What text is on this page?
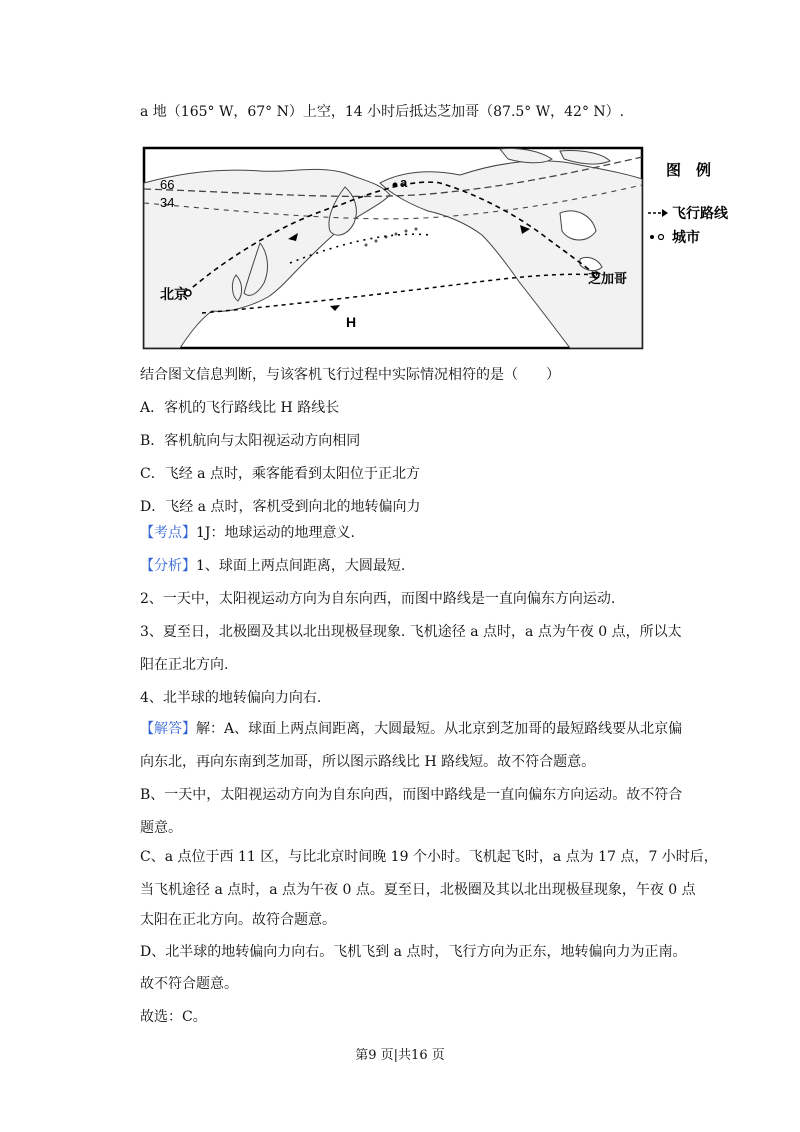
a 地（165° W，67° N）上空，14 小时后抵达芝加哥（87.5° W，42° N）.
66
34
a
北京
芝加哥
H
图　例
飞行路线
城市
结合图文信息判断，与该客机飞行过程中实际情况相符的是（　　）
A．客机的飞行路线比 H 路线长
B．客机航向与太阳视运动方向相同
C．飞经 a 点时，乘客能看到太阳位于正北方
D．飞经 a 点时，客机受到向北的地转偏向力
【考点】1J：地球运动的地理意义.
【分析】1、球面上两点间距离，大圆最短.
2、一天中，太阳视运动方向为自东向西，而图中路线是一直向偏东方向运动.
3、夏至日，北极圈及其以北出现极昼现象. 飞机途径 a 点时，a 点为午夜 0 点，所以太
阳在正北方向.
4、北半球的地转偏向力向右.
【解答】解：A、球面上两点间距离，大圆最短。从北京到芝加哥的最短路线要从北京偏
向东北，再向东南到芝加哥，所以图示路线比 H 路线短。故不符合题意。
B、一天中，太阳视运动方向为自东向西，而图中路线是一直向偏东方向运动。故不符合
题意。
C、a 点位于西 11 区，与比北京时间晚 19 个小时。飞机起飞时，a 点为 17 点，7 小时后，
当飞机途径 a 点时，a 点为午夜 0 点。夏至日，北极圈及其以北出现极昼现象，午夜 0 点
太阳在正北方向。故符合题意。
D、北半球的地转偏向力向右。飞机飞到 a 点时，飞行方向为正东，地转偏向力为正南。
故不符合题意。
故选：C。
第9 页|共16 页
